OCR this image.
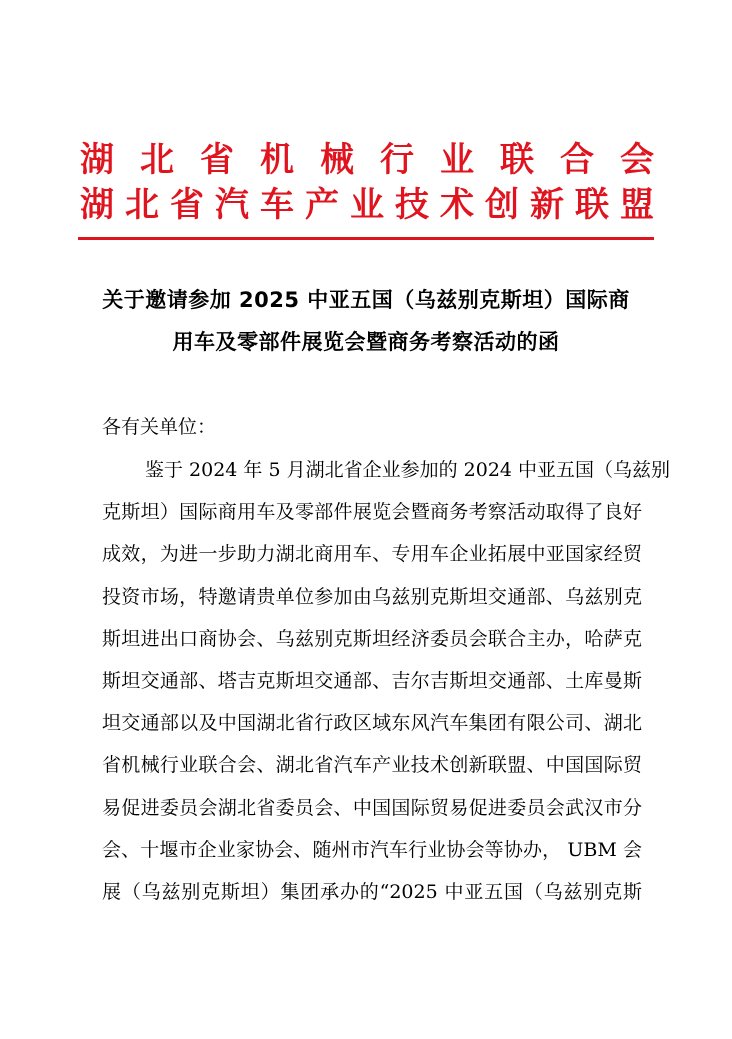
湖 北 省 机 械 行 业 联 合 会
湖 北 省 汽 车 产 业 技 术 创 新 联 盟
关于邀请参加 2025 中亚五国（乌兹别克斯坦）国际商
用车及零部件展览会暨商务考察活动的函
各有关单位：
鉴于 2024 年 5 月湖北省企业参加的 2024 中亚五国（乌兹别
克斯坦）国际商用车及零部件展览会暨商务考察活动取得了良好
成效，为进一步助力湖北商用车、专用车企业拓展中亚国家经贸
投资市场，特邀请贵单位参加由乌兹别克斯坦交通部、乌兹别克
斯坦进出口商协会、乌兹别克斯坦经济委员会联合主办，哈萨克
斯坦交通部、塔吉克斯坦交通部、吉尔吉斯坦交通部、土库曼斯
坦交通部以及中国湖北省行政区域东风汽车集团有限公司、湖北
省机械行业联合会、湖北省汽车产业技术创新联盟、中国国际贸
易促进委员会湖北省委员会、中国国际贸易促进委员会武汉市分
会、十堰市企业家协会、随州市汽车行业协会等协办， UBM 会
展（乌兹别克斯坦）集团承办的“2025 中亚五国（乌兹别克斯
